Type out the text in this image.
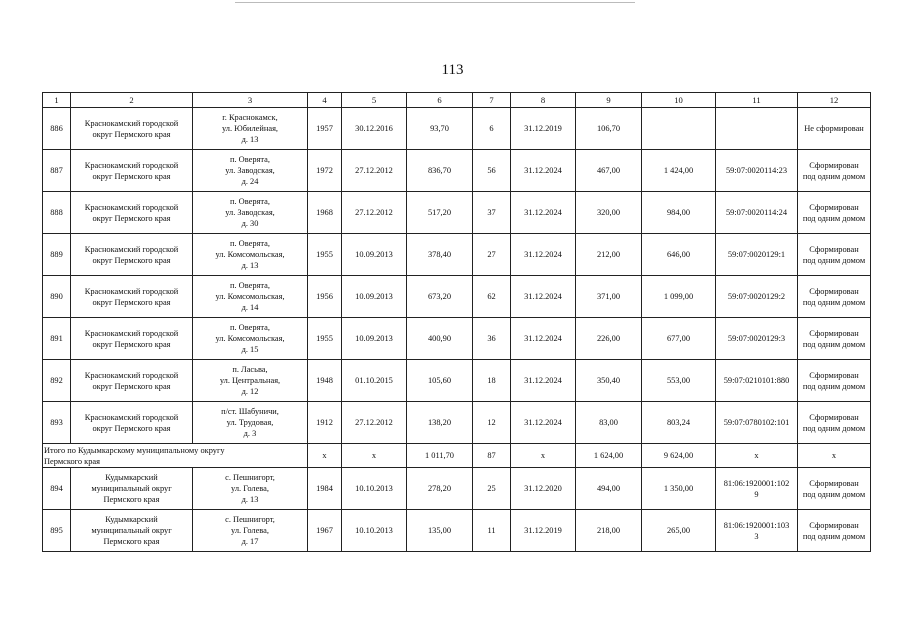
113
1	2	3	4	5	6	7	8	9	10	11	12
886	Краснокамский городской
округ Пермского края	г. Краснокамск,
ул. Юбилейная,
д. 13	1957	30.12.2016	93,70	6	31.12.2019	106,70			Не сформирован
887	Краснокамский городской
округ Пермского края	п. Оверята,
ул. Заводская,
д. 24	1972	27.12.2012	836,70	56	31.12.2024	467,00	1 424,00	59:07:0020114:23	Сформирован
под одним домом
888	Краснокамский городской
округ Пермского края	п. Оверята,
ул. Заводская,
д. 30	1968	27.12.2012	517,20	37	31.12.2024	320,00	984,00	59:07:0020114:24	Сформирован
под одним домом
889	Краснокамский городской
округ Пермского края	п. Оверята,
ул. Комсомольская,
д. 13	1955	10.09.2013	378,40	27	31.12.2024	212,00	646,00	59:07:0020129:1	Сформирован
под одним домом
890	Краснокамский городской
округ Пермского края	п. Оверята,
ул. Комсомольская,
д. 14	1956	10.09.2013	673,20	62	31.12.2024	371,00	1 099,00	59:07:0020129:2	Сформирован
под одним домом
891	Краснокамский городской
округ Пермского края	п. Оверята,
ул. Комсомольская,
д. 15	1955	10.09.2013	400,90	36	31.12.2024	226,00	677,00	59:07:0020129:3	Сформирован
под одним домом
892	Краснокамский городской
округ Пермского края	п. Ласьва,
ул. Центральная,
д. 12	1948	01.10.2015	105,60	18	31.12.2024	350,40	553,00	59:07:0210101:880	Сформирован
под одним домом
893	Краснокамский городской
округ Пермского края	п/ст. Шабуничи,
ул. Трудовая,
д. 3	1912	27.12.2012	138,20	12	31.12.2024	83,00	803,24	59:07:0780102:101	Сформирован
под одним домом
Итого по Кудымкарскому муниципальному округу
Пермского края			x	x	1 011,70	87	x	1 624,00	9 624,00	x	x
894	Кудымкарский
муниципальный округ
Пермского края	с. Пешнигорт,
ул. Голева,
д. 13	1984	10.10.2013	278,20	25	31.12.2020	494,00	1 350,00	81:06:1920001:102
9	Сформирован
под одним домом
895	Кудымкарский
муниципальный округ
Пермского края	с. Пешнигорт,
ул. Голева,
д. 17	1967	10.10.2013	135,00	11	31.12.2019	218,00	265,00	81:06:1920001:103
3	Сформирован
под одним домом
